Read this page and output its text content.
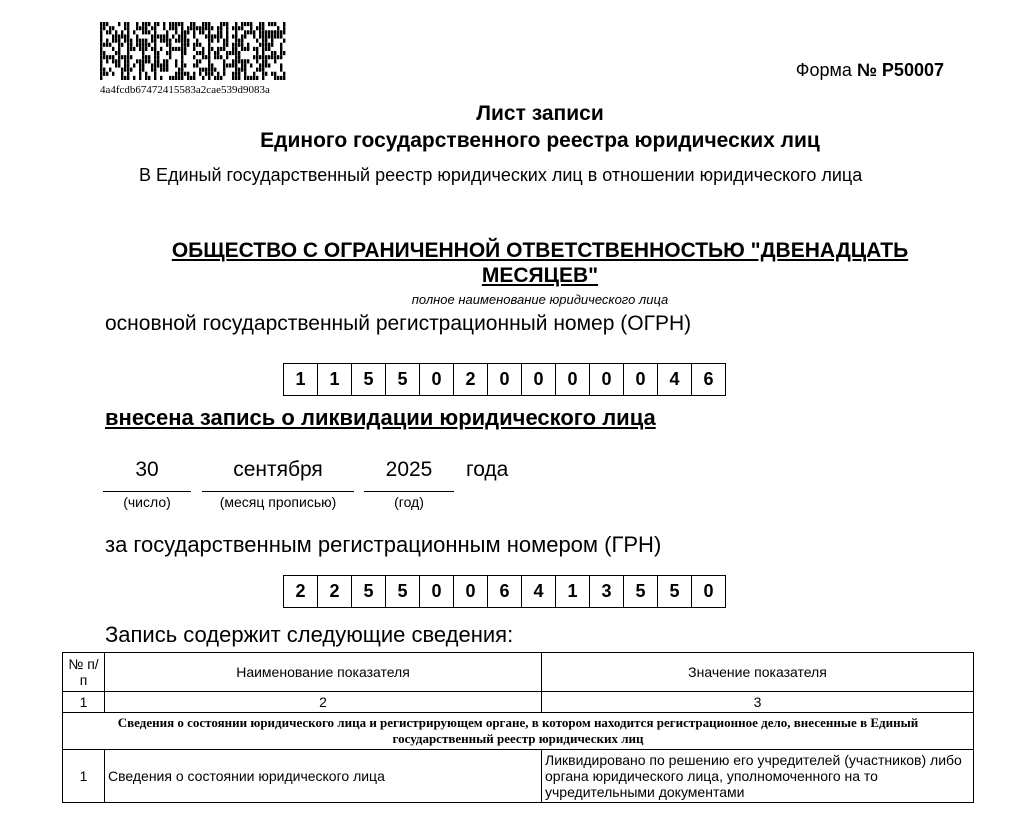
4a4fcdb67472415583a2cae539d9083a
Форма № Р50007
Лист записи
Единого государственного реестра юридических лиц
В Единый государственный реестр юридических лиц в отношении юридического лица
ОБЩЕСТВО С ОГРАНИЧЕННОЙ ОТВЕТСТВЕННОСТЬЮ "ДВЕНАДЦАТЬ МЕСЯЦЕВ"
полное наименование юридического лица
основной государственный регистрационный номер (ОГРН)
1	1	5	5	0	2	0	0	0	0	0	4	6
внесена запись о ликвидации юридического лица
30	сентября	2025	года
(число)	(месяц прописью)	(год)
за государственным регистрационным номером (ГРН)
2	2	5	5	0	0	6	4	1	3	5	5	0
Запись содержит следующие сведения:
№ п/п	Наименование показателя	Значение показателя
1	2	3
Сведения о состоянии юридического лица и регистрирующем органе, в котором находится регистрационное дело, внесенные в Единый государственный реестр юридических лиц		
1	Сведения о состоянии юридического лица	Ликвидировано по решению его учредителей (участников) либо органа юридического лица, уполномоченного на то учредительными документами
